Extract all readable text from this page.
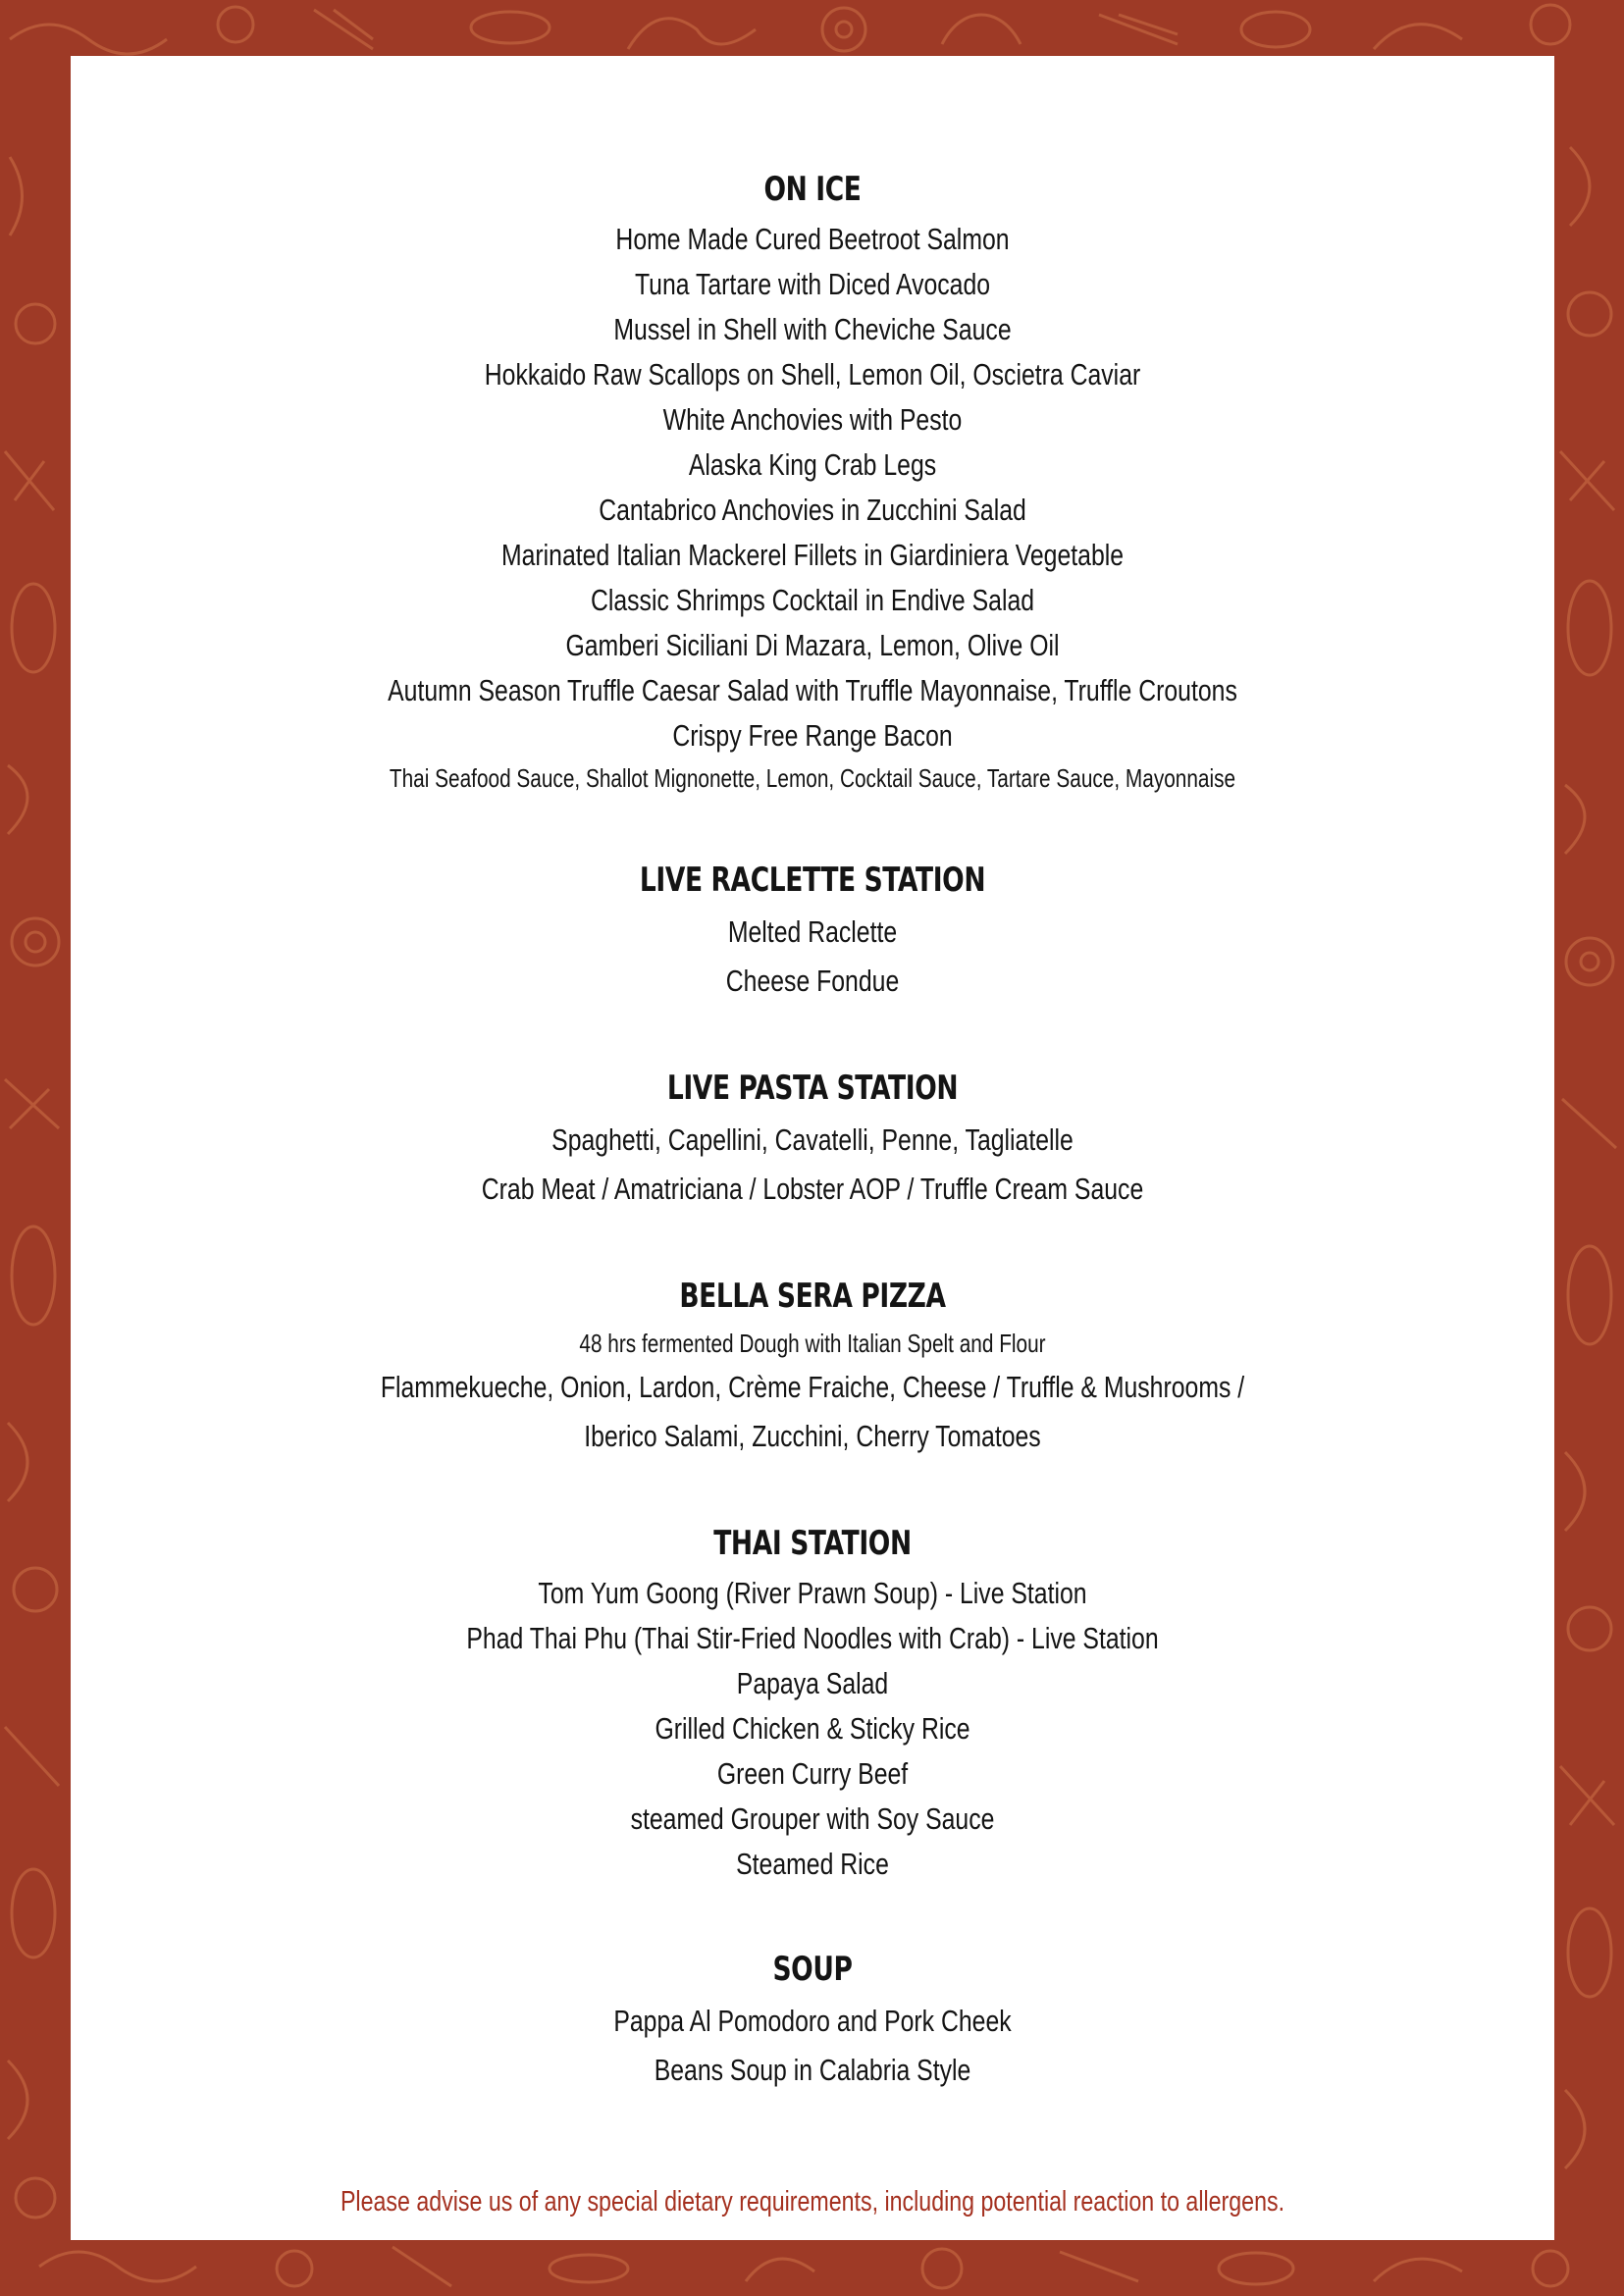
ON ICE
Home Made Cured Beetroot Salmon
Tuna Tartare with Diced Avocado
Mussel in Shell with Cheviche Sauce
Hokkaido Raw Scallops on Shell, Lemon Oil, Oscietra Caviar
White Anchovies with Pesto
Alaska King Crab Legs
Cantabrico Anchovies in Zucchini Salad
Marinated Italian Mackerel Fillets in Giardiniera Vegetable
Classic Shrimps Cocktail in Endive Salad
Gamberi Siciliani Di Mazara, Lemon, Olive Oil
Autumn Season Truffle Caesar Salad with Truffle Mayonnaise, Truffle Croutons
Crispy Free Range Bacon
Thai Seafood Sauce, Shallot Mignonette, Lemon, Cocktail Sauce, Tartare Sauce, Mayonnaise
LIVE RACLETTE STATION
Melted Raclette
Cheese Fondue
LIVE PASTA STATION
Spaghetti, Capellini, Cavatelli, Penne, Tagliatelle
Crab Meat / Amatriciana / Lobster AOP / Truffle Cream Sauce
BELLA SERA PIZZA
48 hrs fermented Dough with Italian Spelt and Flour
Flammekueche, Onion, Lardon, Crème Fraiche, Cheese / Truffle & Mushrooms /
Iberico Salami, Zucchini, Cherry Tomatoes
THAI STATION
Tom Yum Goong (River Prawn Soup) - Live Station
Phad Thai Phu (Thai Stir-Fried Noodles with Crab) - Live Station
Papaya Salad
Grilled Chicken & Sticky Rice
Green Curry Beef
steamed Grouper with Soy Sauce
Steamed Rice
SOUP
Pappa Al Pomodoro and Pork Cheek
Beans Soup in Calabria Style
Please advise us of any special dietary requirements, including potential reaction to allergens.
